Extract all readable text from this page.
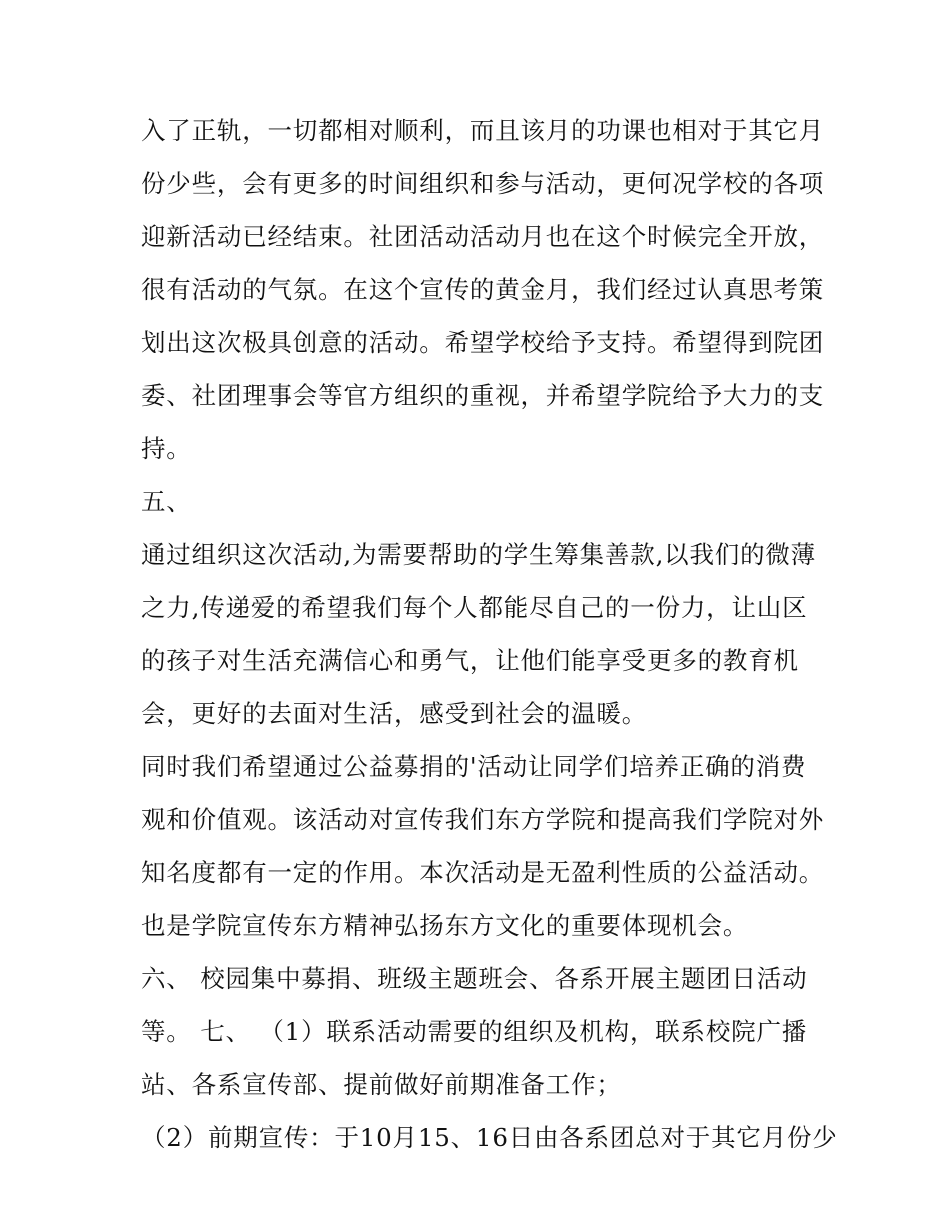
入了正轨，一切都相对顺利，而且该月的功课也相对于其它月
份少些，会有更多的时间组织和参与活动，更何况学校的各项
迎新活动已经结束。社团活动活动月也在这个时候完全开放，
很有活动的气氛。在这个宣传的黄金月，我们经过认真思考策
划出这次极具创意的活动。希望学校给予支持。希望得到院团
委、社团理事会等官方组织的重视，并希望学院给予大力的支
持。
五、
通过组织这次活动,为需要帮助的学生筹集善款,以我们的微薄
之力,传递爱的希望我们每个人都能尽自己的一份力，让山区
的孩子对生活充满信心和勇气，让他们能享受更多的教育机
会，更好的去面对生活，感受到社会的温暖。
同时我们希望通过公益募捐的'活动让同学们培养正确的消费
观和价值观。该活动对宣传我们东方学院和提高我们学院对外
知名度都有一定的作用。本次活动是无盈利性质的公益活动。
也是学院宣传东方精神弘扬东方文化的重要体现机会。
六、 校园集中募捐、班级主题班会、各系开展主题团日活动
等。 七、 （1）联系活动需要的组织及机构，联系校院广播
站、各系宣传部、提前做好前期准备工作；
（2）前期宣传：于10月15、16日由各系团总对于其它月份少
